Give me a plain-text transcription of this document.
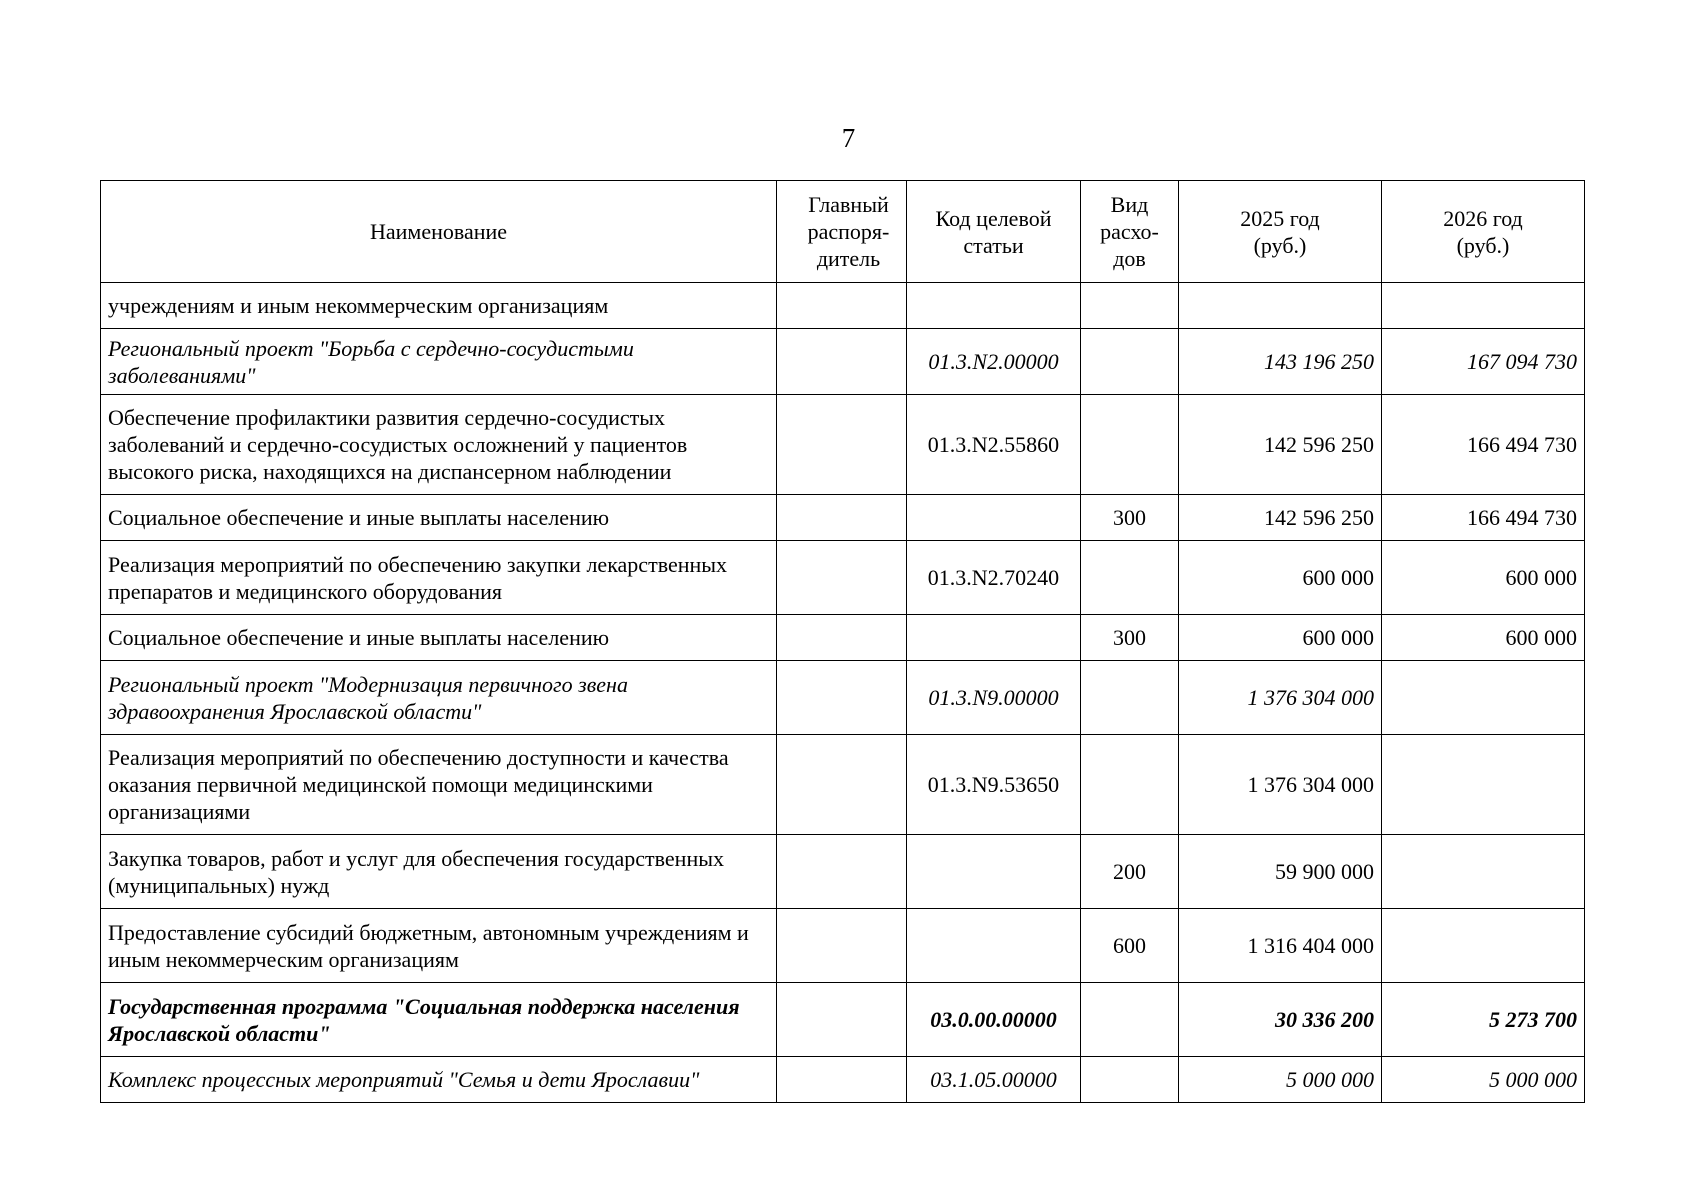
7
Наименование	Главный распоря-дитель	Код целевой статьи	Вид расхо-дов	2025 год (руб.)	2026 год (руб.)
учреждениям и иным некоммерческим организациям					
Региональный проект "Борьба с сердечно-сосудистыми заболеваниями"		01.3.N2.00000		143 196 250	167 094 730
Обеспечение профилактики развития сердечно-сосудистых заболеваний и сердечно-сосудистых осложнений у пациентов высокого риска, находящихся на диспансерном наблюдении		01.3.N2.55860		142 596 250	166 494 730
Социальное обеспечение и иные выплаты населению			300	142 596 250	166 494 730
Реализация мероприятий по обеспечению закупки лекарственных препаратов и медицинского оборудования		01.3.N2.70240		600 000	600 000
Социальное обеспечение и иные выплаты населению			300	600 000	600 000
Региональный проект "Модернизация первичного звена здравоохранения Ярославской области"		01.3.N9.00000		1 376 304 000	
Реализация мероприятий по обеспечению доступности и качества оказания первичной медицинской помощи медицинскими организациями		01.3.N9.53650		1 376 304 000	
Закупка товаров, работ и услуг для обеспечения государственных (муниципальных) нужд			200	59 900 000	
Предоставление субсидий бюджетным, автономным учреждениям и иным некоммерческим организациям			600	1 316 404 000	
Государственная программа "Социальная поддержка населения Ярославской области"		03.0.00.00000		30 336 200	5 273 700
Комплекс процессных мероприятий "Семья и дети Ярославии"		03.1.05.00000		5 000 000	5 000 000
